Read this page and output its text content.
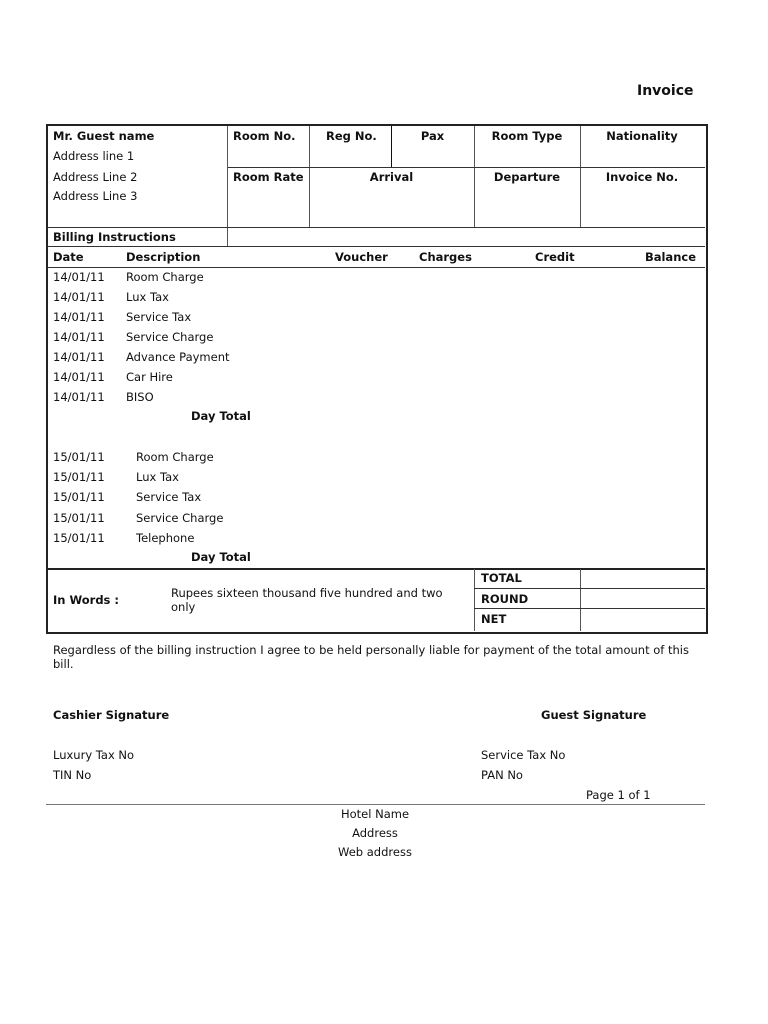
Invoice
Mr. Guest name
Address line 1
Address Line 2
Address Line 3
Room No.	Reg No.	Pax	Room Type	Nationality
Room Rate	Arrival	Departure	Invoice No.
Billing Instructions
Date	Description	Voucher	Charges	Credit	Balance
14/01/11 Room Charge
14/01/11 Lux Tax
14/01/11 Service Tax
14/01/11 Service Charge
14/01/11 Advance Payment
14/01/11 Car Hire
14/01/11 BISO
Day Total
15/01/11	Room Charge
15/01/11	Lux Tax
15/01/11	Service Tax
15/01/11	Service Charge
15/01/11	Telephone
Day Total
In Words :	Rupees sixteen thousand five hundred and two only
TOTAL
ROUND
NET
Regardless of the billing instruction I agree to be held personally liable for payment of the total amount of this bill.
Cashier Signature	Guest Signature
Luxury Tax No
TIN No
Service Tax No
PAN No
Page 1 of 1
Hotel Name
Address
Web address
